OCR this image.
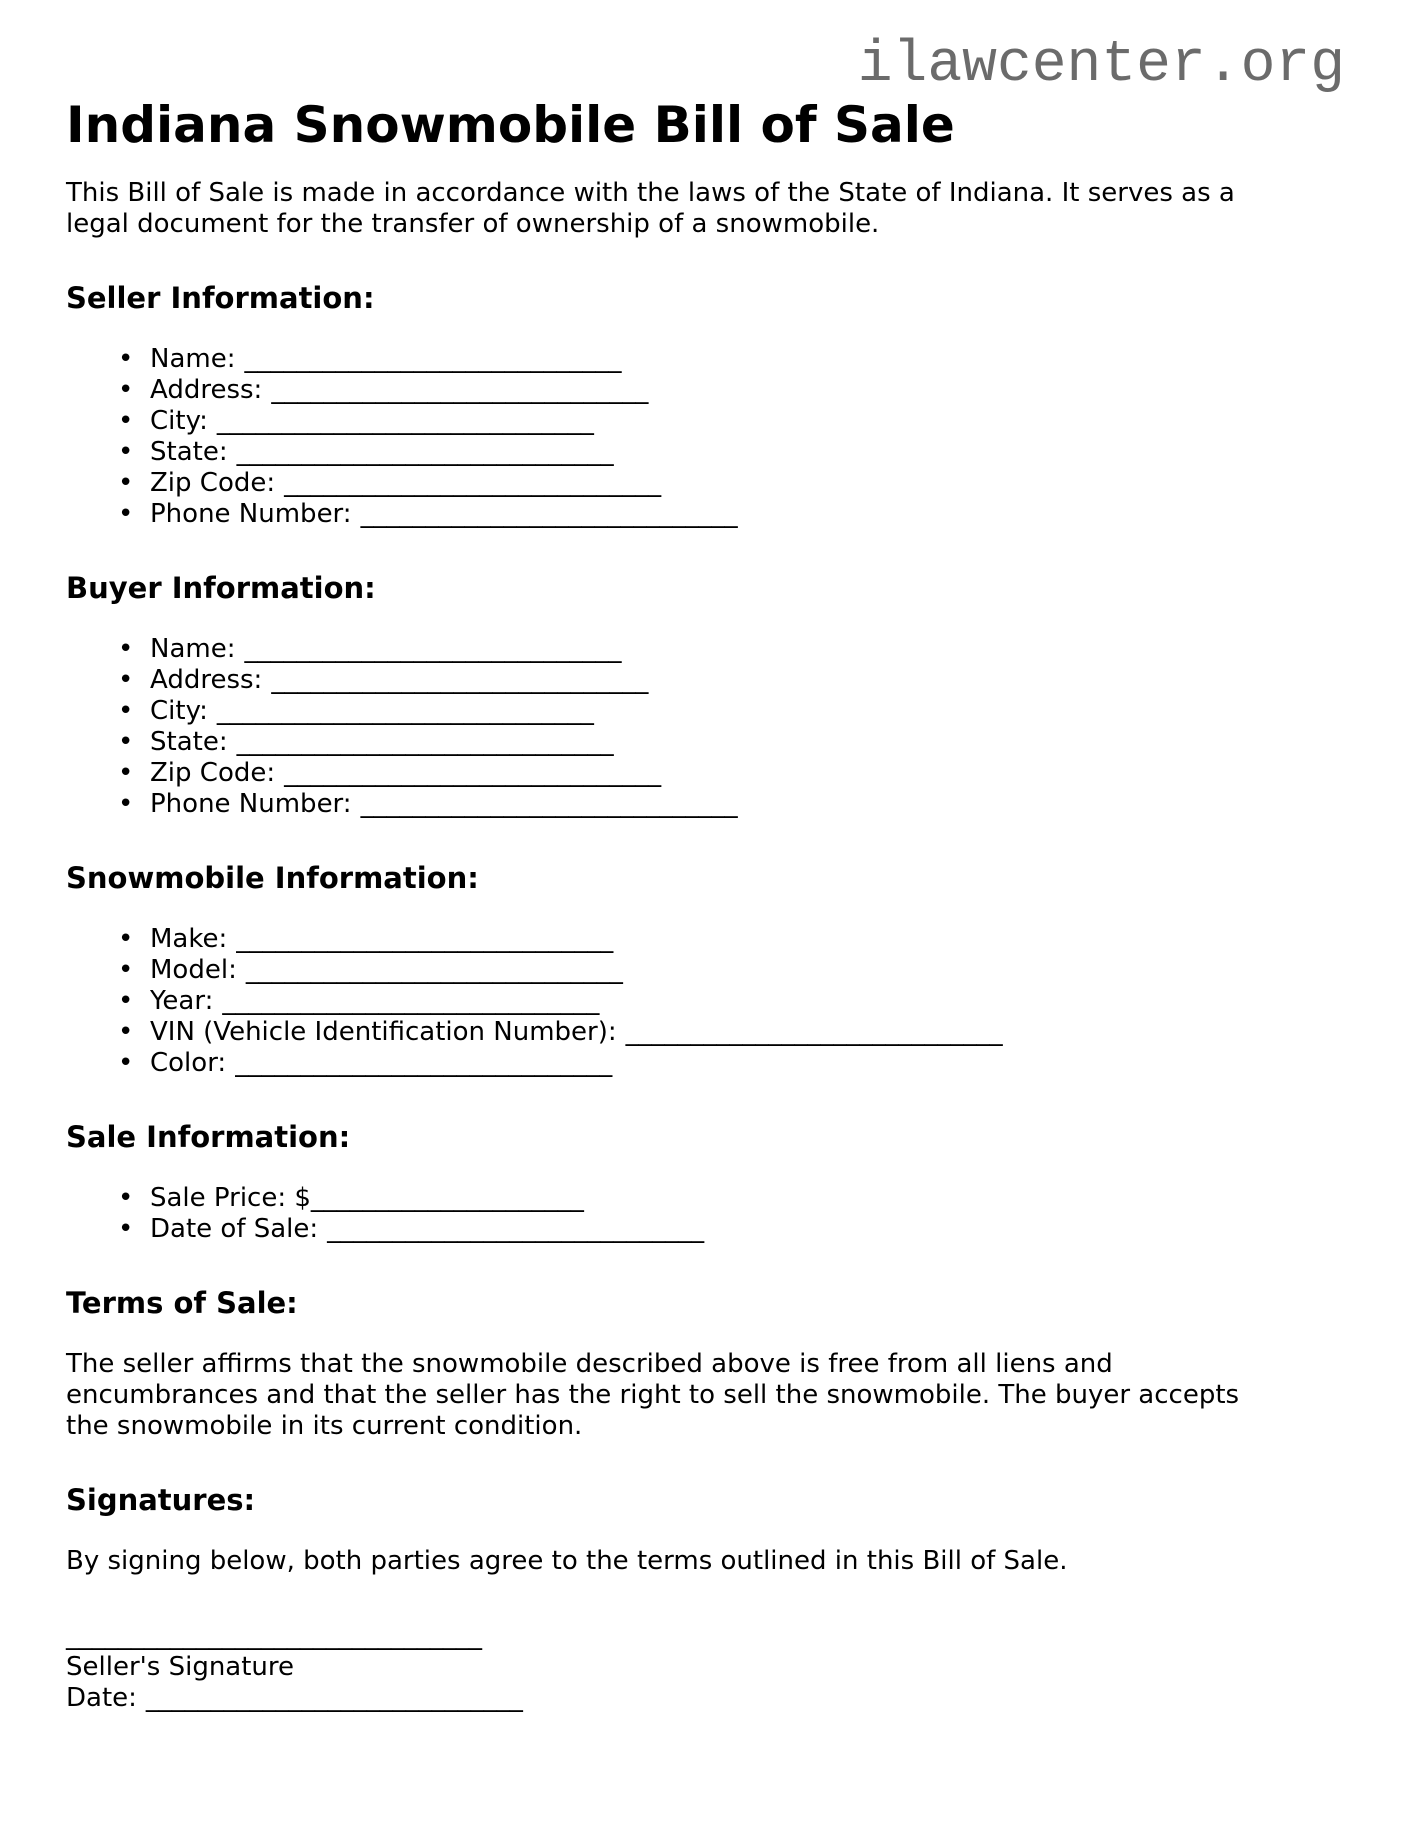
ilawcenter.org
Indiana Snowmobile Bill of Sale

This Bill of Sale is made in accordance with the laws of the State of Indiana. It serves as a
legal document for the transfer of ownership of a snowmobile.

Seller Information:
• Name: _____________________________
• Address: _____________________________
• City: _____________________________
• State: _____________________________
• Zip Code: _____________________________
• Phone Number: _____________________________
Buyer Information:
• Name: _____________________________
• Address: _____________________________
• City: _____________________________
• State: _____________________________
• Zip Code: _____________________________
• Phone Number: _____________________________
Snowmobile Information:
• Make: _____________________________
• Model: _____________________________
• Year: _____________________________
• VIN (Vehicle Identification Number): _____________________________
• Color: _____________________________
Sale Information:
• Sale Price: $_____________________
• Date of Sale: _____________________________
Terms of Sale:

The seller affirms that the snowmobile described above is free from all liens and
encumbrances and that the seller has the right to sell the snowmobile. The buyer accepts
the snowmobile in its current condition.

Signatures:

By signing below, both parties agree to the terms outlined in this Bill of Sale.

________________________________
Seller's Signature
Date: _____________________________
